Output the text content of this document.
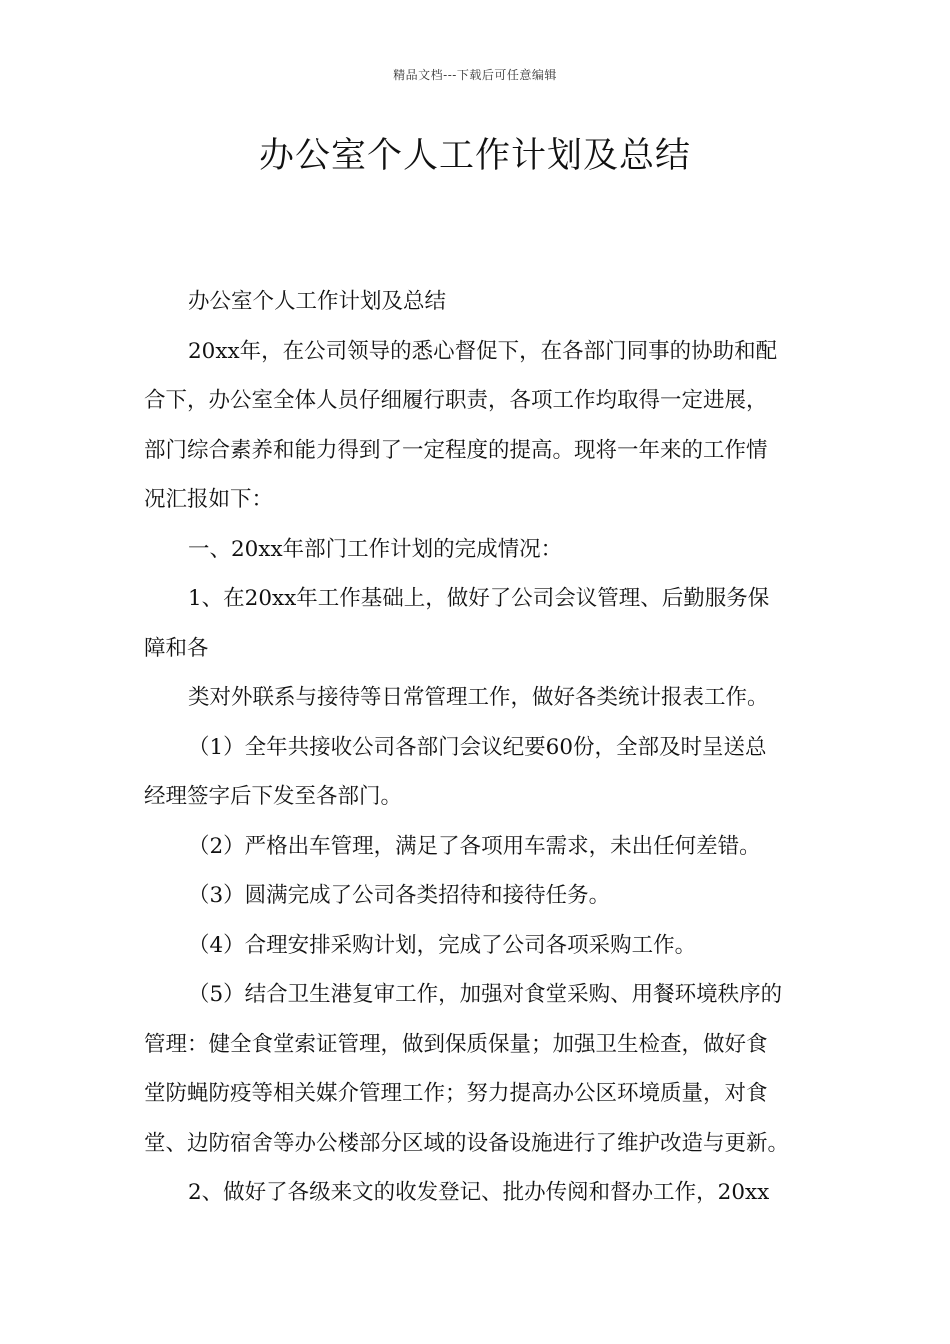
精品文档---下载后可任意编辑
办公室个人工作计划及总结
办公室个人工作计划及总结
20xx年，在公司领导的悉心督促下，在各部门同事的协助和配
合下，办公室全体人员仔细履行职责，各项工作均取得一定进展，
部门综合素养和能力得到了一定程度的提高。现将一年来的工作情
况汇报如下：
一、20xx年部门工作计划的完成情况：
1、在20xx年工作基础上，做好了公司会议管理、后勤服务保
障和各
类对外联系与接待等日常管理工作，做好各类统计报表工作。
（1）全年共接收公司各部门会议纪要60份，全部及时呈送总
经理签字后下发至各部门。
（2）严格出车管理，满足了各项用车需求，未出任何差错。
（3）圆满完成了公司各类招待和接待任务。
（4）合理安排采购计划，完成了公司各项采购工作。
（5）结合卫生港复审工作，加强对食堂采购、用餐环境秩序的
管理：健全食堂索证管理，做到保质保量；加强卫生检查，做好食
堂防蝇防疫等相关媒介管理工作；努力提高办公区环境质量，对食
堂、边防宿舍等办公楼部分区域的设备设施进行了维护改造与更新。
2、做好了各级来文的收发登记、批办传阅和督办工作，20xx
